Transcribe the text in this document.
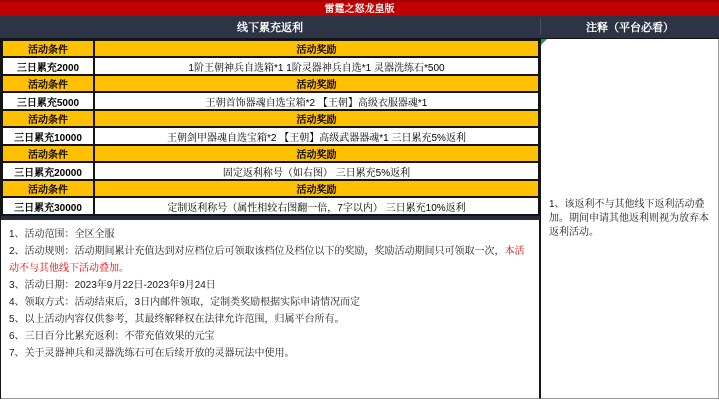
雷霆之怒龙皇版
线下累充返利	注释（平台必看）
活动条件	活动奖励
三日累充2000	1阶王朝神兵自选箱*1 1阶灵器神兵自选*1 灵器洗练石*500
活动条件	活动奖励
三日累充5000	王朝首饰器魂自选宝箱*2 【王朝】高级衣服器魂*1
活动条件	活动奖励
三日累充10000	王朝剑甲器魂自选宝箱*2 【王朝】高级武器器魂*1 三日累充5%返利
活动条件	活动奖励
三日累充20000	固定返利称号（如右图） 三日累充5%返利
活动条件	活动奖励
三日累充30000	定制返利称号（属性相较右图翻一倍，7字以内） 三日累充10%返利
1、活动范围：全区全服
2、活动规则：活动期间累计充值达到对应档位后可领取该档位及档位以下的奖励，奖励活动期间只可领取一次，本活动不与其他线下活动叠加。
3、活动日期：2023年9月22日-2023年9月24日
4、领取方式：活动结束后，3日内邮件领取，定制类奖励根据实际申请情况而定
5、以上活动内容仅供参考，其最终解释权在法律允许范围，归属平台所有。
6、三日百分比累充返利：不带充值效果的元宝
7、关于灵器神兵和灵器洗练石可在后续开放的灵器玩法中使用。
1、该返利不与其他线下返利活动叠加。期间申请其他返利则视为放弃本返利活动。
